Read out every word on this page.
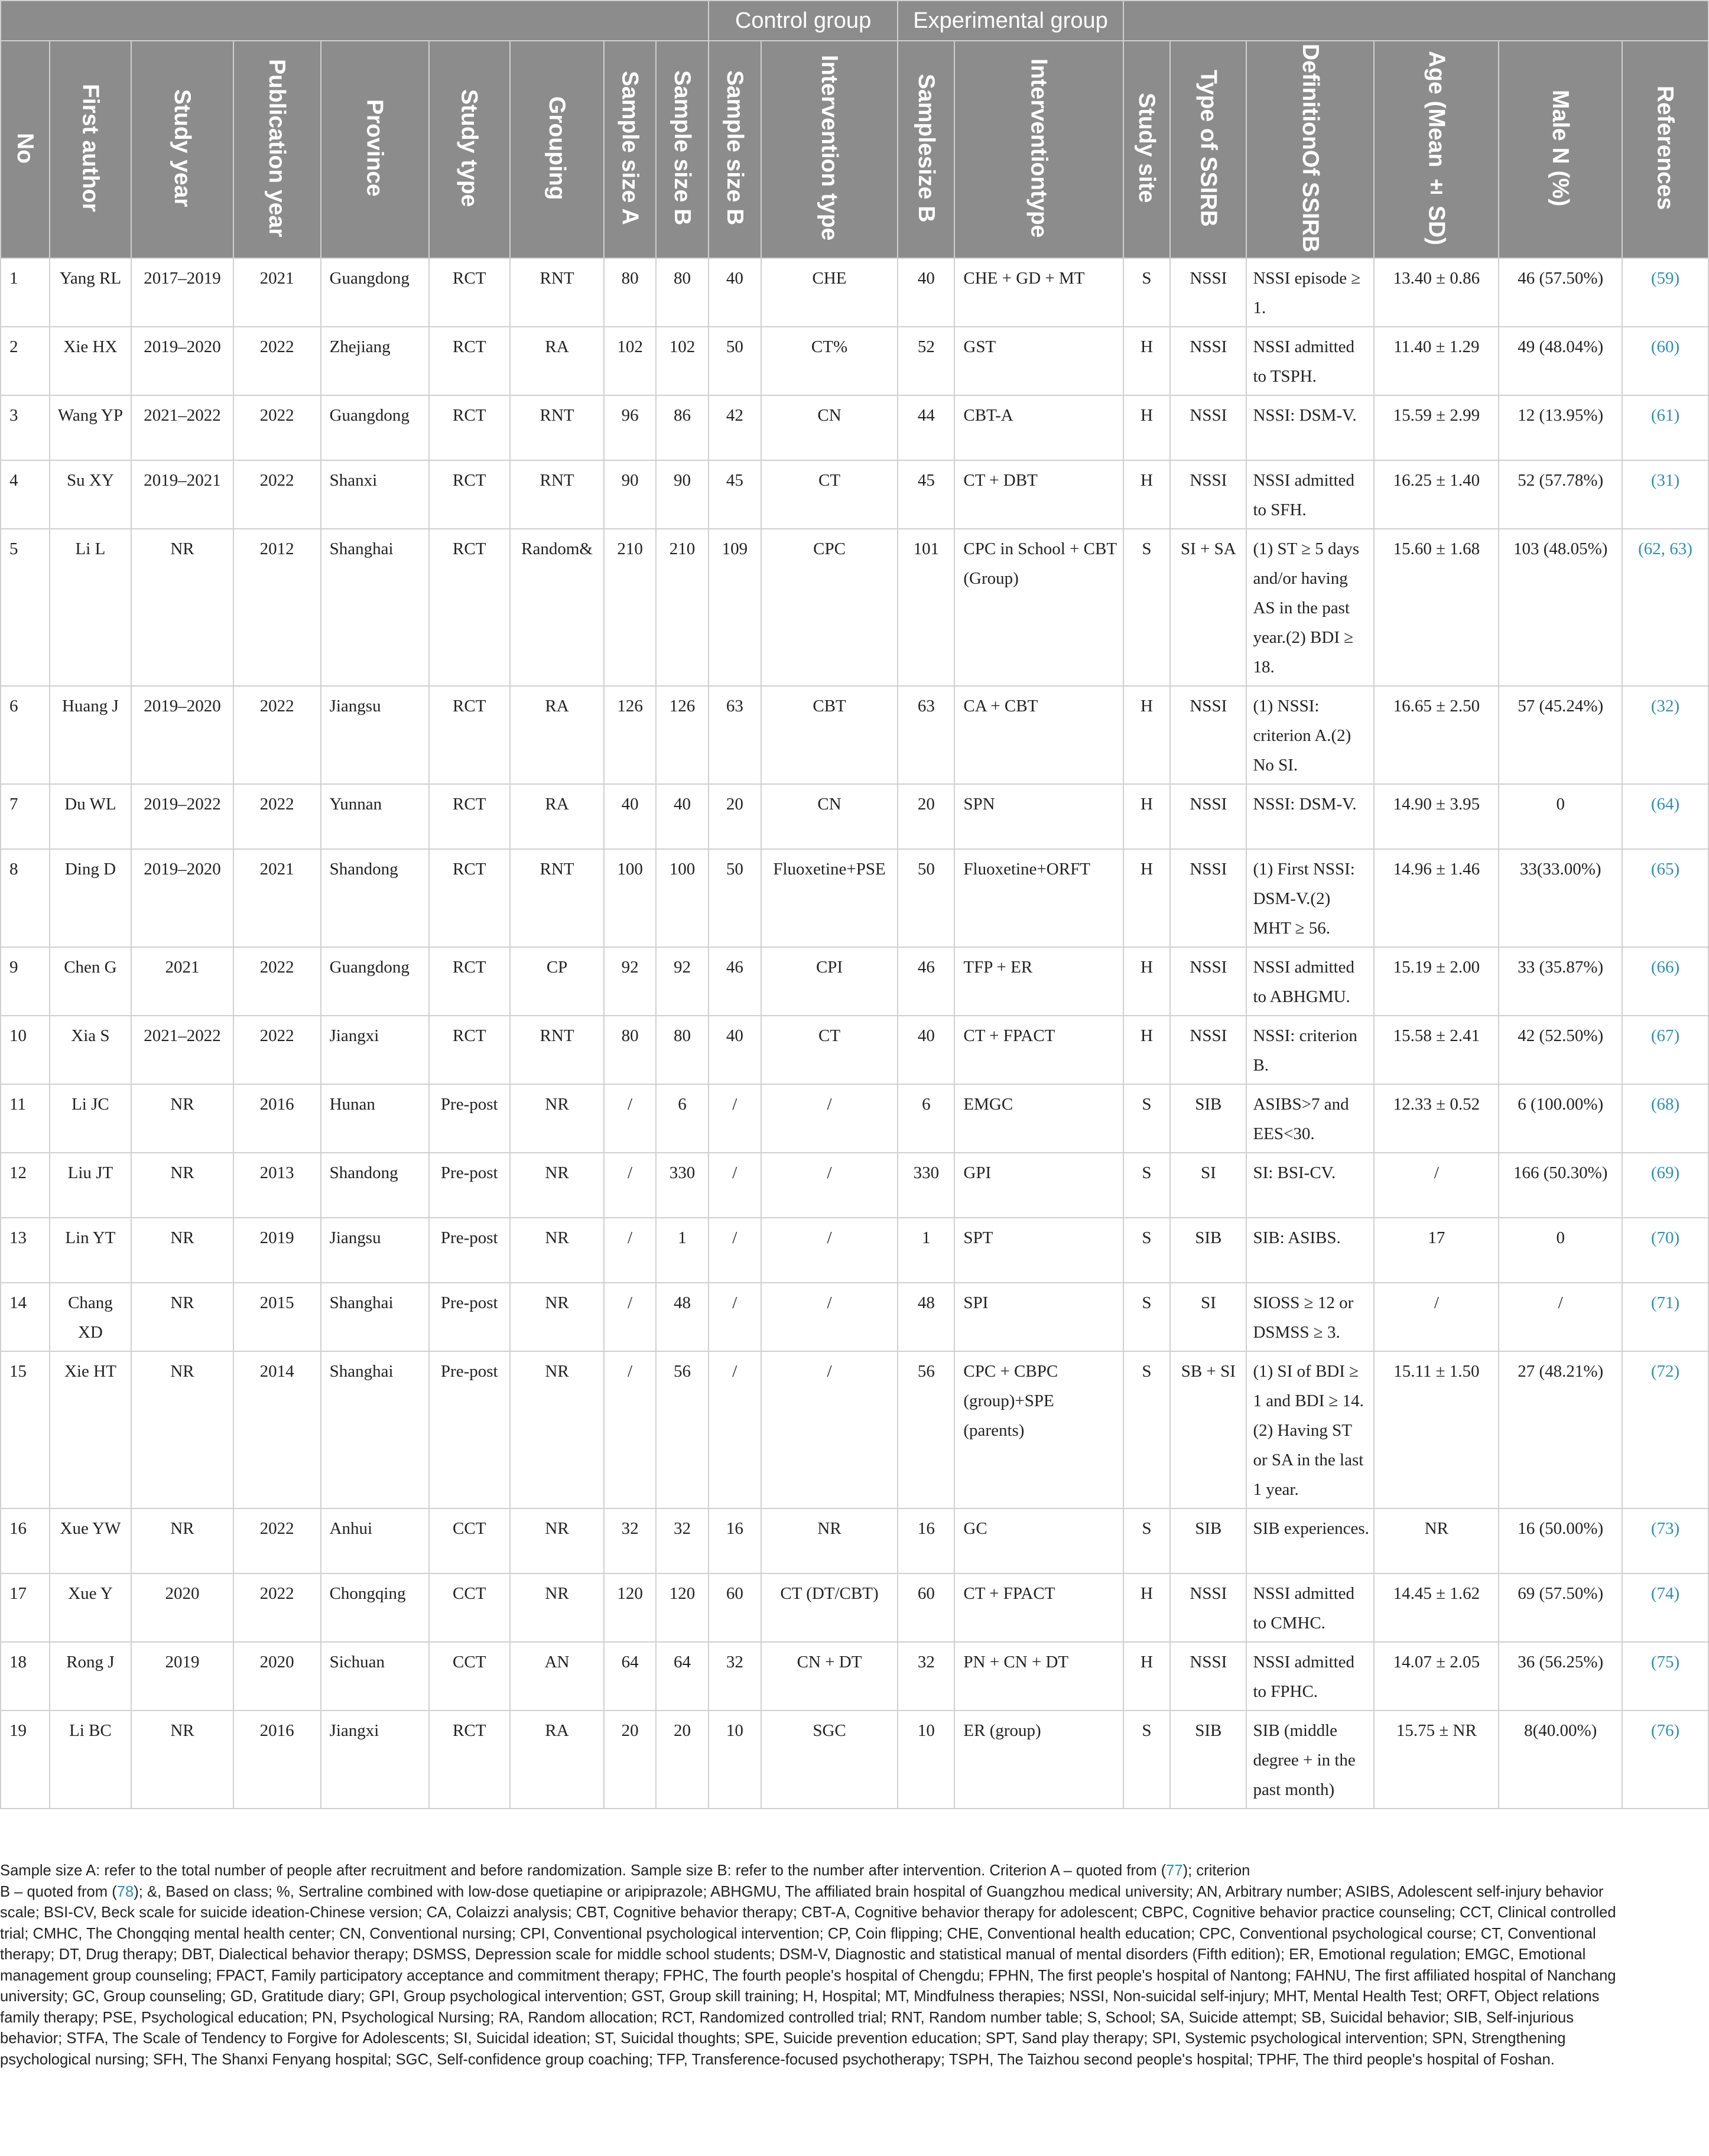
									Control group		Experimental group							
No	First author	Study year	Publication year	Province	Study type	Grouping	Sample size A	Sample size B	Sample size B	Intervention type	Samplesize B	Interventiontype	Study site	Type of SSIRB	DefinitionOf SSIRB	Age (Mean ± SD)	Male N (%)	References
1	Yang RL	2017–2019	2021	Guangdong	RCT	RNT	80	80	40	CHE	40	CHE + GD + MT	S	NSSI	NSSI episode ≥ 1.	13.40 ± 0.86	46 (57.50%)	(59)
2	Xie HX	2019–2020	2022	Zhejiang	RCT	RA	102	102	50	CT%	52	GST	H	NSSI	NSSI admitted to TSPH.	11.40 ± 1.29	49 (48.04%)	(60)
3	Wang YP	2021–2022	2022	Guangdong	RCT	RNT	96	86	42	CN	44	CBT-A	H	NSSI	NSSI: DSM-V.	15.59 ± 2.99	12 (13.95%)	(61)
4	Su XY	2019–2021	2022	Shanxi	RCT	RNT	90	90	45	CT	45	CT + DBT	H	NSSI	NSSI admitted to SFH.	16.25 ± 1.40	52 (57.78%)	(31)
5	Li L	NR	2012	Shanghai	RCT	Random&	210	210	109	CPC	101	CPC in School + CBT (Group)	S	SI + SA	(1) ST ≥ 5 days and/or having AS in the past year.(2) BDI ≥ 18.	15.60 ± 1.68	103 (48.05%)	(62, 63)
6	Huang J	2019–2020	2022	Jiangsu	RCT	RA	126	126	63	CBT	63	CA + CBT	H	NSSI	(1) NSSI: criterion A.(2) No SI.	16.65 ± 2.50	57 (45.24%)	(32)
7	Du WL	2019–2022	2022	Yunnan	RCT	RA	40	40	20	CN	20	SPN	H	NSSI	NSSI: DSM-V.	14.90 ± 3.95	0	(64)
8	Ding D	2019–2020	2021	Shandong	RCT	RNT	100	100	50	Fluoxetine+PSE	50	Fluoxetine+ORFT	H	NSSI	(1) First NSSI: DSM-V.(2) MHT ≥ 56.	14.96 ± 1.46	33(33.00%)	(65)
9	Chen G	2021	2022	Guangdong	RCT	CP	92	92	46	CPI	46	TFP + ER	H	NSSI	NSSI admitted to ABHGMU.	15.19 ± 2.00	33 (35.87%)	(66)
10	Xia S	2021–2022	2022	Jiangxi	RCT	RNT	80	80	40	CT	40	CT + FPACT	H	NSSI	NSSI: criterion B.	15.58 ± 2.41	42 (52.50%)	(67)
11	Li JC	NR	2016	Hunan	Pre-post	NR	/	6	/	/	6	EMGC	S	SIB	ASIBS>7 and EES<30.	12.33 ± 0.52	6 (100.00%)	(68)
12	Liu JT	NR	2013	Shandong	Pre-post	NR	/	330	/	/	330	GPI	S	SI	SI: BSI-CV.	/	166 (50.30%)	(69)
13	Lin YT	NR	2019	Jiangsu	Pre-post	NR	/	1	/	/	1	SPT	S	SIB	SIB: ASIBS.	17	0	(70)
14	Chang XD	NR	2015	Shanghai	Pre-post	NR	/	48	/	/	48	SPI	S	SI	SIOSS ≥ 12 or DSMSS ≥ 3.	/	/	(71)
15	Xie HT	NR	2014	Shanghai	Pre-post	NR	/	56	/	/	56	CPC + CBPC (group)+SPE (parents)	S	SB + SI	(1) SI of BDI ≥ 1 and BDI ≥ 14.(2) Having ST or SA in the last 1 year.	15.11 ± 1.50	27 (48.21%)	(72)
16	Xue YW	NR	2022	Anhui	CCT	NR	32	32	16	NR	16	GC	S	SIB	SIB experiences.	NR	16 (50.00%)	(73)
17	Xue Y	2020	2022	Chongqing	CCT	NR	120	120	60	CT (DT/CBT)	60	CT + FPACT	H	NSSI	NSSI admitted to CMHC.	14.45 ± 1.62	69 (57.50%)	(74)
18	Rong J	2019	2020	Sichuan	CCT	AN	64	64	32	CN + DT	32	PN + CN + DT	H	NSSI	NSSI admitted to FPHC.	14.07 ± 2.05	36 (56.25%)	(75)
19	Li BC	NR	2016	Jiangxi	RCT	RA	20	20	10	SGC	10	ER (group)	S	SIB	SIB (middle degree + in the past month)	15.75 ± NR	8(40.00%)	(76)

Sample size A: refer to the total number of people after recruitment and before randomization. Sample size B: refer to the number after intervention. Criterion A – quoted from (77); criterion
B – quoted from (78); &, Based on class; %, Sertraline combined with low-dose quetiapine or aripiprazole; ABHGMU, The affiliated brain hospital of Guangzhou medical university; AN, Arbitrary number; ASIBS, Adolescent self-injury behavior scale; BSI-CV, Beck scale for suicide ideation-Chinese version; CA, Colaizzi analysis; CBT, Cognitive behavior therapy; CBT-A, Cognitive behavior therapy for adolescent; CBPC, Cognitive behavior practice counseling; CCT, Clinical controlled trial; CMHC, The Chongqing mental health center; CN, Conventional nursing; CPI, Conventional psychological intervention; CP, Coin flipping; CHE, Conventional health education; CPC, Conventional psychological course; CT, Conventional therapy; DT, Drug therapy; DBT, Dialectical behavior therapy; DSMSS, Depression scale for middle school students; DSM-V, Diagnostic and statistical manual of mental disorders (Fifth edition); ER, Emotional regulation; EMGC, Emotional management group counseling; FPACT, Family participatory acceptance and commitment therapy; FPHC, The fourth people's hospital of Chengdu; FPHN, The first people's hospital of Nantong; FAHNU, The first affiliated hospital of Nanchang university; GC, Group counseling; GD, Gratitude diary; GPI, Group psychological intervention; GST, Group skill training; H, Hospital; MT, Mindfulness therapies; NSSI, Non-suicidal self-injury; MHT, Mental Health Test; ORFT, Object relations family therapy; PSE, Psychological education; PN, Psychological Nursing; RA, Random allocation; RCT, Randomized controlled trial; RNT, Random number table; S, School; SA, Suicide attempt; SB, Suicidal behavior; SIB, Self-injurious behavior; STFA, The Scale of Tendency to Forgive for Adolescents; SI, Suicidal ideation; ST, Suicidal thoughts; SPE, Suicide prevention education; SPT, Sand play therapy; SPI, Systemic psychological intervention; SPN, Strengthening psychological nursing; SFH, The Shanxi Fenyang hospital; SGC, Self-confidence group coaching; TFP, Transference-focused psychotherapy; TSPH, The Taizhou second people's hospital; TPHF, The third people's hospital of Foshan.
